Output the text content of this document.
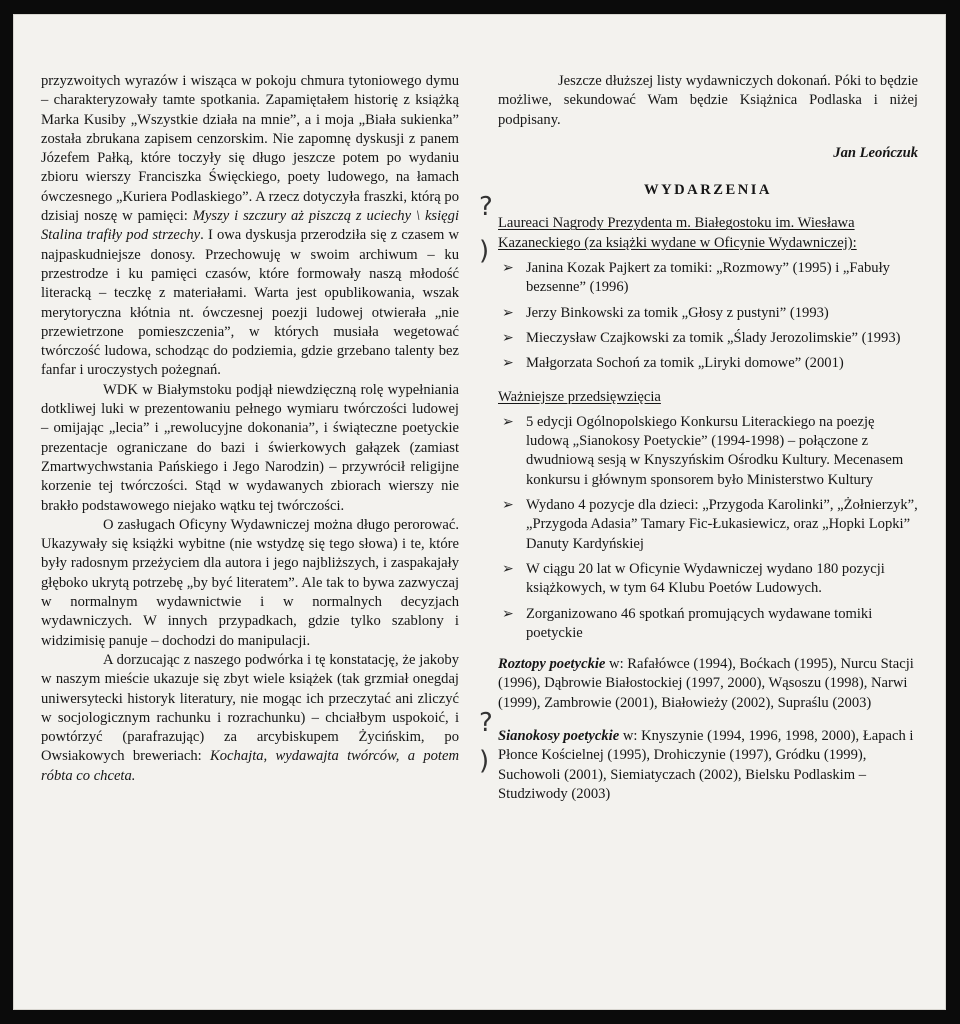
przyzwoitych wyrazów i wisząca w pokoju chmura tytoniowego dymu – charakteryzowały tamte spotkania. Zapamiętałem historię z książką Marka Kusiby „Wszystkie działa na mnie”, a i moja „Biała sukienka” została zbrukana zapisem cenzorskim. Nie zapomnę dyskusji z panem Józefem Pałką, które toczyły się długo jeszcze potem po wydaniu zbioru wierszy Franciszka Święckiego, poety ludowego, na łamach ówczesnego „Kuriera Podlaskiego”. A rzecz dotyczyła fraszki, którą po dzisiaj noszę w pamięci: Myszy i szczury aż piszczą z uciechy \ księgi Stalina trafiły pod strzechy. I owa dyskusja przerodziła się z czasem w najpaskudniejsze donosy. Przechowuję w swoim archiwum – ku przestrodze i ku pamięci czasów, które formowały naszą młodość literacką – teczkę z materiałami. Warta jest opublikowania, wszak merytoryczna kłótnia nt. ówczesnej poezji ludowej otwierała „nie przewietrzone pomieszczenia”, w których musiała wegetować twórczość ludowa, schodząc do podziemia, gdzie grzebano talenty bez fanfar i uroczystych pożegnań.

WDK w Białymstoku podjął niewdzięczną rolę wypełniania dotkliwej luki w prezentowaniu pełnego wymiaru twórczości ludowej – omijając „lecia” i „rewolucyjne dokonania”, i świąteczne poetyckie prezentacje ograniczane do bazi i świerkowych gałązek (zamiast Zmartwychwstania Pańskiego i Jego Narodzin) – przywrócił religijne korzenie tej twórczości. Stąd w wydawanych zbiorach wierszy nie brakło podstawowego niejako wątku tej twórczości.

O zasługach Oficyny Wydawniczej można długo perorować. Ukazywały się książki wybitne (nie wstydzę się tego słowa) i te, które były radosnym przeżyciem dla autora i jego najbliższych, i zaspakajały głęboko ukrytą potrzebę „by być literatem”. Ale tak to bywa zazwyczaj w normalnym wydawnictwie i w normalnych decyzjach wydawniczych. W innych przypadkach, gdzie tylko szablony i widzimisię panuje – dochodzi do manipulacji.

A dorzucając z naszego podwórka i tę konstatację, że jakoby w naszym mieście ukazuje się zbyt wiele książek (tak grzmiał onegdaj uniwersytecki historyk literatury, nie mogąc ich przeczytać ani zliczyć w socjologicznym rachunku i rozrachunku) – chciałbym uspokoić, i powtórzyć (parafrazując) za arcybiskupem Życińskim, po Owsiakowych breweriach: Kochajta, wydawajta twórców, a potem róbta co chceta.

?
)
?
)

Jeszcze dłuższej listy wydawniczych dokonań. Póki to będzie możliwe, sekundować Wam będzie Książnica Podlaska i niżej podpisany.

Jan Leończuk

WYDARZENIA

Laureaci Nagrody Prezydenta m. Białegostoku im. Wiesława Kazaneckiego (za książki wydane w Oficynie Wydawniczej):

➢ Janina Kozak Pajkert za tomiki: „Rozmowy” (1995) i „Fabuły bezsenne” (1996)
➢ Jerzy Binkowski za tomik „Głosy z pustyni” (1993)
➢ Mieczysław Czajkowski za tomik „Ślady Jerozolimskie” (1993)
➢ Małgorzata Sochoń za tomik „Liryki domowe” (2001)

Ważniejsze przedsięwzięcia

➢ 5 edycji Ogólnopolskiego Konkursu Literackiego na poezję ludową „Sianokosy Poetyckie” (1994-1998) – połączone z dwudniową sesją w Knyszyńskim Ośrodku Kultury. Mecenasem konkursu i głównym sponsorem było Ministerstwo Kultury
➢ Wydano 4 pozycje dla dzieci: „Przygoda Karolinki”, „Żołnierzyk”, „Przygoda Adasia” Tamary Fic-Łukasiewicz, oraz „Hopki Lopki” Danuty Kardyńskiej
➢ W ciągu 20 lat w Oficynie Wydawniczej wydano 180 pozycji książkowych, w tym 64 Klubu Poetów Ludowych.
➢ Zorganizowano 46 spotkań promujących wydawane tomiki poetyckie

Roztopy poetyckie w: Rafałówce (1994), Boćkach (1995), Nurcu Stacji (1996), Dąbrowie Białostockiej (1997, 2000), Wąsoszu (1998), Narwi (1999), Zambrowie (2001), Białowieży (2002), Supraślu (2003)

Sianokosy poetyckie w: Knyszynie (1994, 1996, 1998, 2000), Łapach i Płonce Kościelnej (1995), Drohiczynie (1997), Gródku (1999), Suchowoli (2001), Siemiatyczach (2002), Bielsku Podlaskim – Studziwody (2003)
